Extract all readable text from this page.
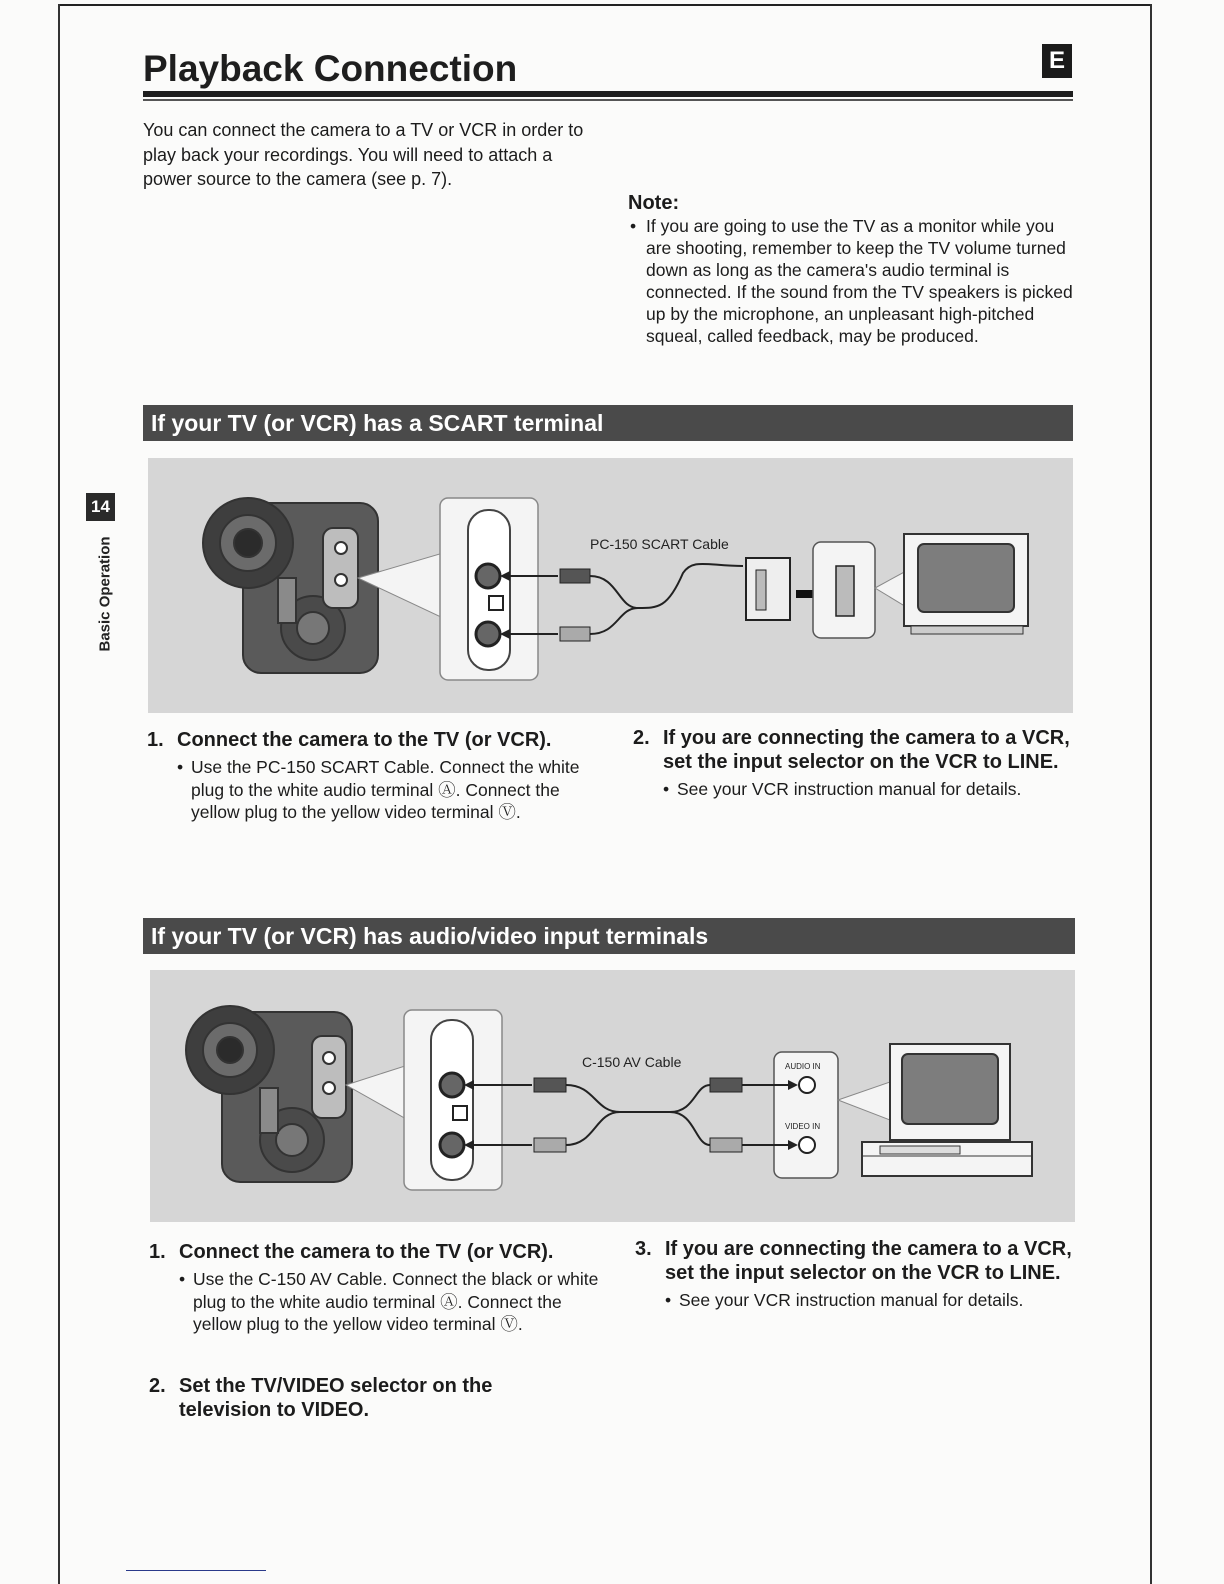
Playback Connection	E

You can connect the camera to a TV or VCR in order to play back your recordings. You will need to attach a power source to the camera (see p. 7).

Note:
• If you are going to use the TV as a monitor while you are shooting, remember to keep the TV volume turned down as long as the camera's audio terminal is connected. If the sound from the TV speakers is picked up by the microphone, an unpleasant high-pitched squeal, called feedback, may be produced.
14
Basic Operation
If your TV (or VCR) has a SCART terminal
PC-150 SCART Cable
1. Connect the camera to the TV (or VCR).

• Use the PC-150 SCART Cable. Connect the white plug to the white audio terminal Ⓐ. Connect the yellow plug to the yellow video terminal Ⓥ.

2. If you are connecting the camera to a VCR, set the input selector on the VCR to LINE.

• See your VCR instruction manual for details.

If your TV (or VCR) has audio/video input terminals
C-150 AV Cable	AUDIO IN
VIDEO IN
1. Connect the camera to the TV (or VCR).

• Use the C-150 AV Cable. Connect the black or white plug to the white audio terminal Ⓐ. Connect the yellow plug to the yellow video terminal Ⓥ.

2. Set the TV/VIDEO selector on the television to VIDEO.
3. If you are connecting the camera to a VCR, set the input selector on the VCR to LINE.

• See your VCR instruction manual for details.
